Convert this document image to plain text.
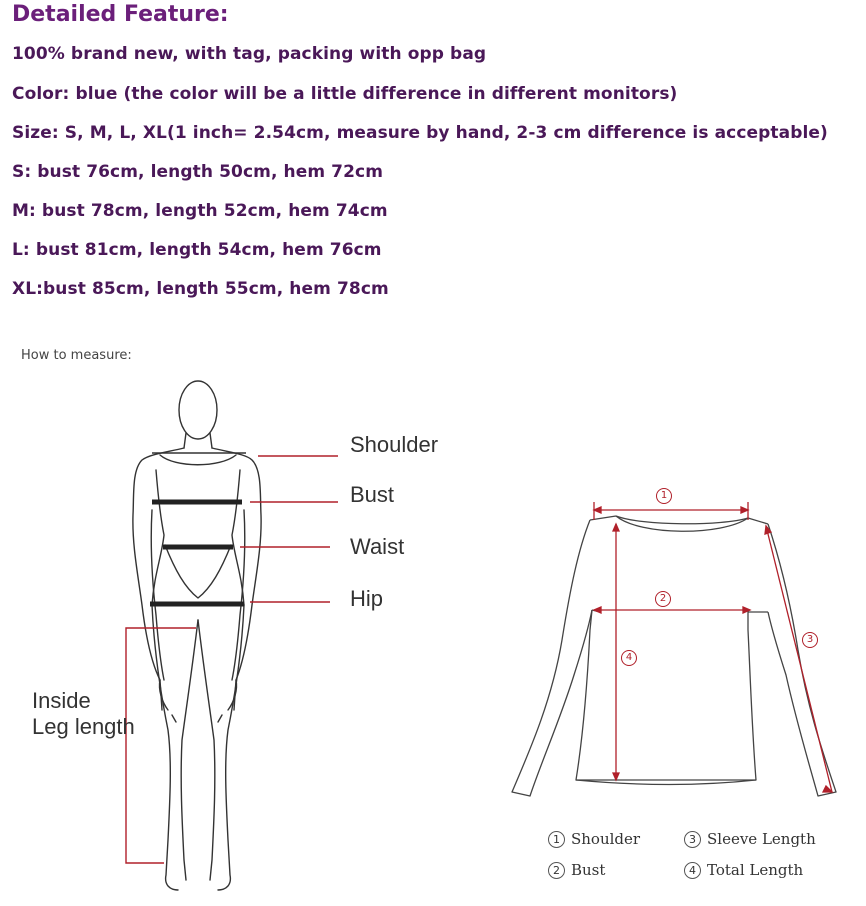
Detailed Feature:
100% brand new, with tag, packing with opp bag
Color: blue (the color will be a little difference in different monitors)
Size: S, M, L, XL(1 inch= 2.54cm, measure by hand, 2-3 cm difference is acceptable)
S: bust 76cm, length 50cm, hem 72cm
M: bust 78cm, length 52cm, hem 74cm
L: bust 81cm, length 54cm, hem 76cm
XL:bust 85cm, length 55cm, hem 78cm
How to measure:
Shoulder
Bust
Waist
Hip
Inside
Leg length
1
2
3
4
1 Shoulder	3 Sleeve Length
2 Bust	4 Total Length
